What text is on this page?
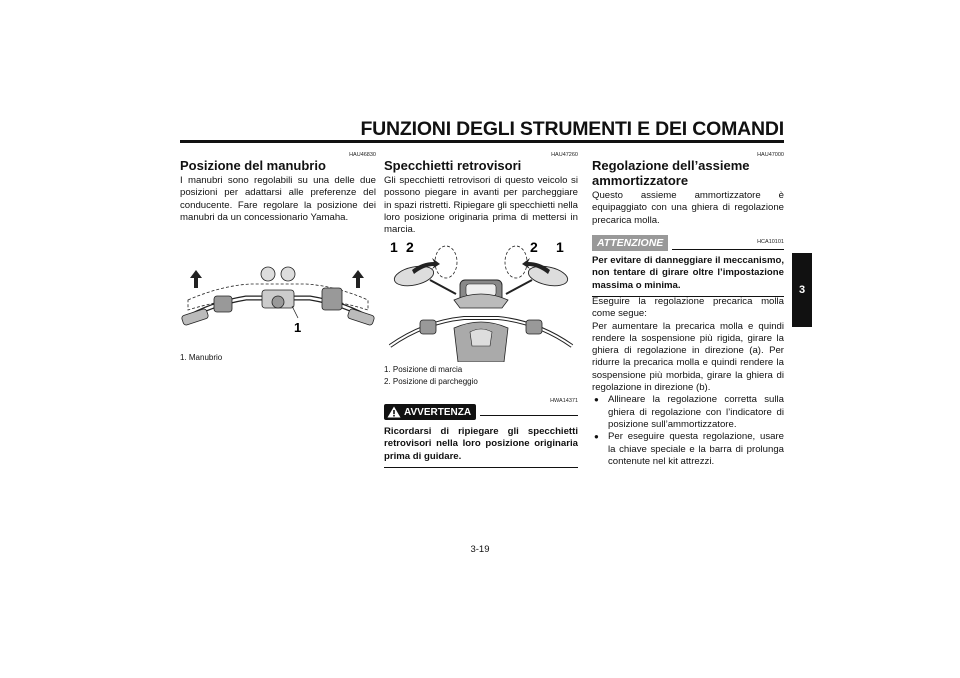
FUNZIONI DEGLI STRUMENTI E DEI COMANDI
3
HAU46830
Posizione del manubrio

I manubri sono regolabili su una delle due posizioni per adattarsi alle preferenze del conducente. Fare regolare la posizione dei manubri da un concessionario Yamaha.

1
1. Manubrio
HAU47260
Specchietti retrovisori

Gli specchietti retrovisori di questo veicolo si possono piegare in avanti per parcheggiare in spazi ristretti. Ripiegare gli specchietti nella loro posizione originaria prima di mettersi in marcia.

1 2	2 1
1. Posizione di marcia
2. Posizione di parcheggio
HWA14371
AVVERTENZA

Ricordarsi di ripiegare gli specchietti retrovisori nella loro posizione originaria prima di guidare.

HAU47000
Regolazione dell’assieme ammortizzatore

Questo assieme ammortizzatore è equipaggiato con una ghiera di regolazione precarica molla.

ATTENZIONE	HCA10101

Per evitare di danneggiare il meccanismo, non tentare di girare oltre l’impostazione massima o minima.

Eseguire la regolazione precarica molla come segue:

Per aumentare la precarica molla e quindi rendere la sospensione più rigida, girare la ghiera di regolazione in direzione (a). Per ridurre la precarica molla e quindi rendere la sospensione più morbida, girare la ghiera di regolazione in direzione (b).

● Allineare la regolazione corretta sulla ghiera di regolazione con l’indicatore di posizione sull’ammortizzatore.

● Per eseguire questa regolazione, usare la chiave speciale e la barra di prolunga contenute nel kit attrezzi.

3-19
